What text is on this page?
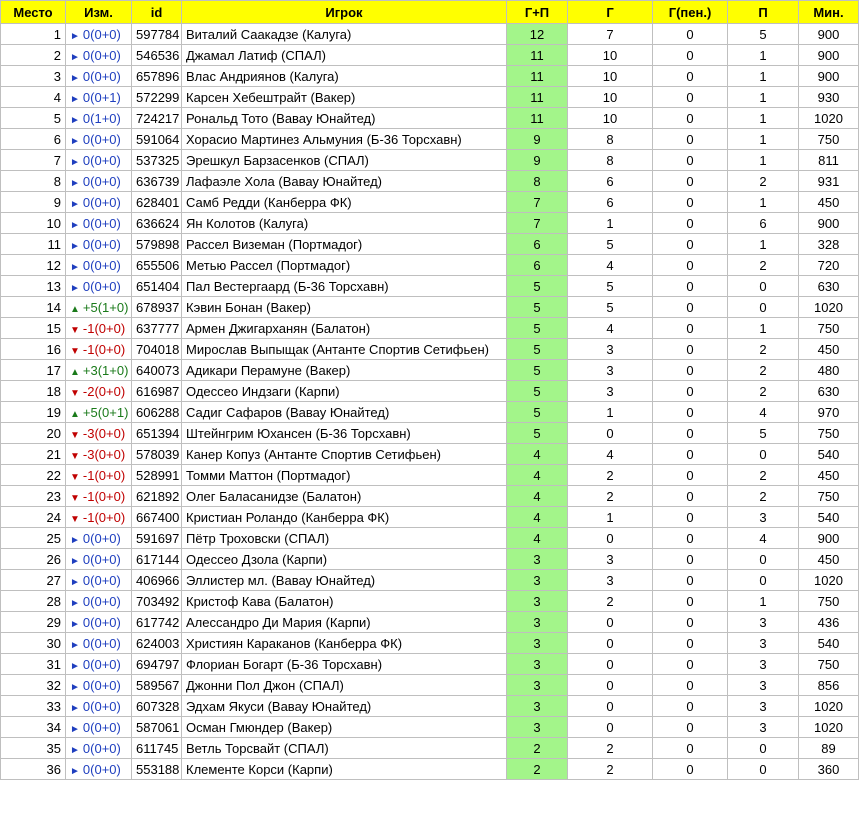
Место	Изм.	id	Игрок	Г+П	Г	Г(пен.)	П	Мин.
1	► 0(0+0)	597784	Виталий Саакадзе (Калуга)	12	7	0	5	900
2	► 0(0+0)	546536	Джамал Латиф (СПАЛ)	11	10	0	1	900
3	► 0(0+0)	657896	Влас Андриянов (Калуга)	11	10	0	1	900
4	► 0(0+1)	572299	Карсен Хебештрайт (Вакер)	11	10	0	1	930
5	► 0(1+0)	724217	Рональд Тото (Вавау Юнайтед)	11	10	0	1	1020
6	► 0(0+0)	591064	Хорасио Мартинез Альмуния (Б-36 Торсхавн)	9	8	0	1	750
7	► 0(0+0)	537325	Эрешкул Барзасенков (СПАЛ)	9	8	0	1	811
8	► 0(0+0)	636739	Лафаэле Хола (Вавау Юнайтед)	8	6	0	2	931
9	► 0(0+0)	628401	Самб Редди (Канберра ФК)	7	6	0	1	450
10	► 0(0+0)	636624	Ян Колотов (Калуга)	7	1	0	6	900
11	► 0(0+0)	579898	Рассел Виземан (Портмадог)	6	5	0	1	328
12	► 0(0+0)	655506	Метью Рассел (Портмадог)	6	4	0	2	720
13	► 0(0+0)	651404	Пал Вестергаард (Б-36 Торсхавн)	5	5	0	0	630
14	▲ +5(1+0)	678937	Кэвин Бонан (Вакер)	5	5	0	0	1020
15	▼ -1(0+0)	637777	Армен Джигарханян (Балатон)	5	4	0	1	750
16	▼ -1(0+0)	704018	Мирослав Выпыщак (Антанте Спортив Сетифьен)	5	3	0	2	450
17	▲ +3(1+0)	640073	Адикари Перамуне (Вакер)	5	3	0	2	480
18	▼ -2(0+0)	616987	Одессео Индзаги (Карпи)	5	3	0	2	630
19	▲ +5(0+1)	606288	Садиг Сафаров (Вавау Юнайтед)	5	1	0	4	970
20	▼ -3(0+0)	651394	Штейнгрим Юхансен (Б-36 Торсхавн)	5	0	0	5	750
21	▼ -3(0+0)	578039	Канер Копуз (Антанте Спортив Сетифьен)	4	4	0	0	540
22	▼ -1(0+0)	528991	Томми Маттон (Портмадог)	4	2	0	2	450
23	▼ -1(0+0)	621892	Олег Баласанидзе (Балатон)	4	2	0	2	750
24	▼ -1(0+0)	667400	Кристиан Роландо (Канберра ФК)	4	1	0	3	540
25	► 0(0+0)	591697	Пётр Троховски (СПАЛ)	4	0	0	4	900
26	► 0(0+0)	617144	Одессео Дзола (Карпи)	3	3	0	0	450
27	► 0(0+0)	406966	Эллистер мл. (Вавау Юнайтед)	3	3	0	0	1020
28	► 0(0+0)	703492	Кристоф Кава (Балатон)	3	2	0	1	750
29	► 0(0+0)	617742	Алессандро Ди Мария (Карпи)	3	0	0	3	436
30	► 0(0+0)	624003	Християн Караканов (Канберра ФК)	3	0	0	3	540
31	► 0(0+0)	694797	Флориан Богарт (Б-36 Торсхавн)	3	0	0	3	750
32	► 0(0+0)	589567	Джонни Пол Джон (СПАЛ)	3	0	0	3	856
33	► 0(0+0)	607328	Эдхам Якуси (Вавау Юнайтед)	3	0	0	3	1020
34	► 0(0+0)	587061	Осман Гмюндер (Вакер)	3	0	0	3	1020
35	► 0(0+0)	611745	Ветль Торсвайт (СПАЛ)	2	2	0	0	89
36	► 0(0+0)	553188	Клементе Корси (Карпи)	2	2	0	0	360
